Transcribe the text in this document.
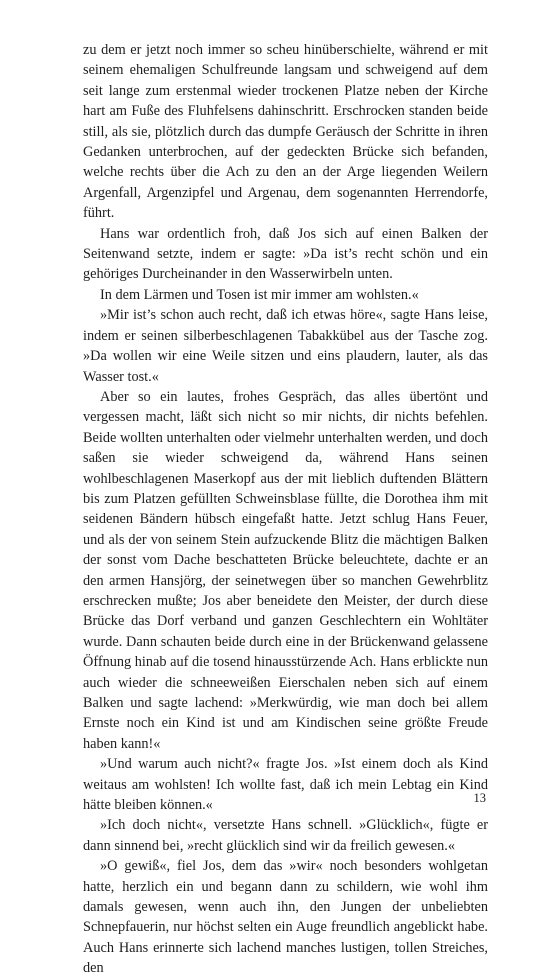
zu dem er jetzt noch immer so scheu hinüberschielte, während er mit seinem ehemaligen Schulfreunde langsam und schweigend auf dem seit lange zum erstenmal wieder trockenen Platze neben der Kirche hart am Fuße des Fluhfelsens dahinschritt. Erschrocken standen beide still, als sie, plötzlich durch das dumpfe Geräusch der Schritte in ihren Gedanken unterbrochen, auf der gedeckten Brücke sich befanden, welche rechts über die Ach zu den an der Arge liegenden Weilern Argenfall, Argenzipfel und Argenau, dem sogenannten Herrendorfe, führt.

Hans war ordentlich froh, daß Jos sich auf einen Balken der Seitenwand setzte, indem er sagte: »Da ist’s recht schön und ein gehöriges Durcheinander in den Wasserwirbeln unten.

In dem Lärmen und Tosen ist mir immer am wohlsten.«

»Mir ist’s schon auch recht, daß ich etwas höre«, sagte Hans leise, indem er seinen silberbeschlagenen Tabakkübel aus der Tasche zog. »Da wollen wir eine Weile sitzen und eins plaudern, lauter, als das Wasser tost.«

Aber so ein lautes, frohes Gespräch, das alles übertönt und vergessen macht, läßt sich nicht so mir nichts, dir nichts befehlen. Beide wollten unterhalten oder vielmehr unterhalten werden, und doch saßen sie wieder schweigend da, während Hans seinen wohlbeschlagenen Maserkopf aus der mit lieblich duftenden Blättern bis zum Platzen gefüllten Schweinsblase füllte, die Dorothea ihm mit seidenen Bändern hübsch eingefaßt hatte. Jetzt schlug Hans Feuer, und als der von seinem Stein aufzuckende Blitz die mächtigen Balken der sonst vom Dache beschatteten Brücke beleuchtete, dachte er an den armen Hansjörg, der seinetwegen über so manchen Gewehrblitz erschrecken mußte; Jos aber beneidete den Meister, der durch diese Brücke das Dorf verband und ganzen Geschlechtern ein Wohltäter wurde. Dann schauten beide durch eine in der Brückenwand gelassene Öffnung hinab auf die tosend hinausstürzende Ach. Hans erblickte nun auch wieder die schneeweißen Eierschalen neben sich auf einem Balken und sagte lachend: »Merkwürdig, wie man doch bei allem Ernste noch ein Kind ist und am Kindischen seine größte Freude haben kann!«

»Und warum auch nicht?« fragte Jos. »Ist einem doch als Kind weitaus am wohlsten! Ich wollte fast, daß ich mein Lebtag ein Kind hätte bleiben können.«

»Ich doch nicht«, versetzte Hans schnell. »Glücklich«, fügte er dann sinnend bei, »recht glücklich sind wir da freilich gewesen.«

»O gewiß«, fiel Jos, dem das »wir« noch besonders wohlgetan hatte, herzlich ein und begann dann zu schildern, wie wohl ihm damals gewesen, wenn auch ihn, den Jungen der unbeliebten Schnepfauerin, nur höchst selten ein Auge freundlich angeblickt habe. Auch Hans erinnerte sich lachend manches lustigen, tollen Streiches, den

13
